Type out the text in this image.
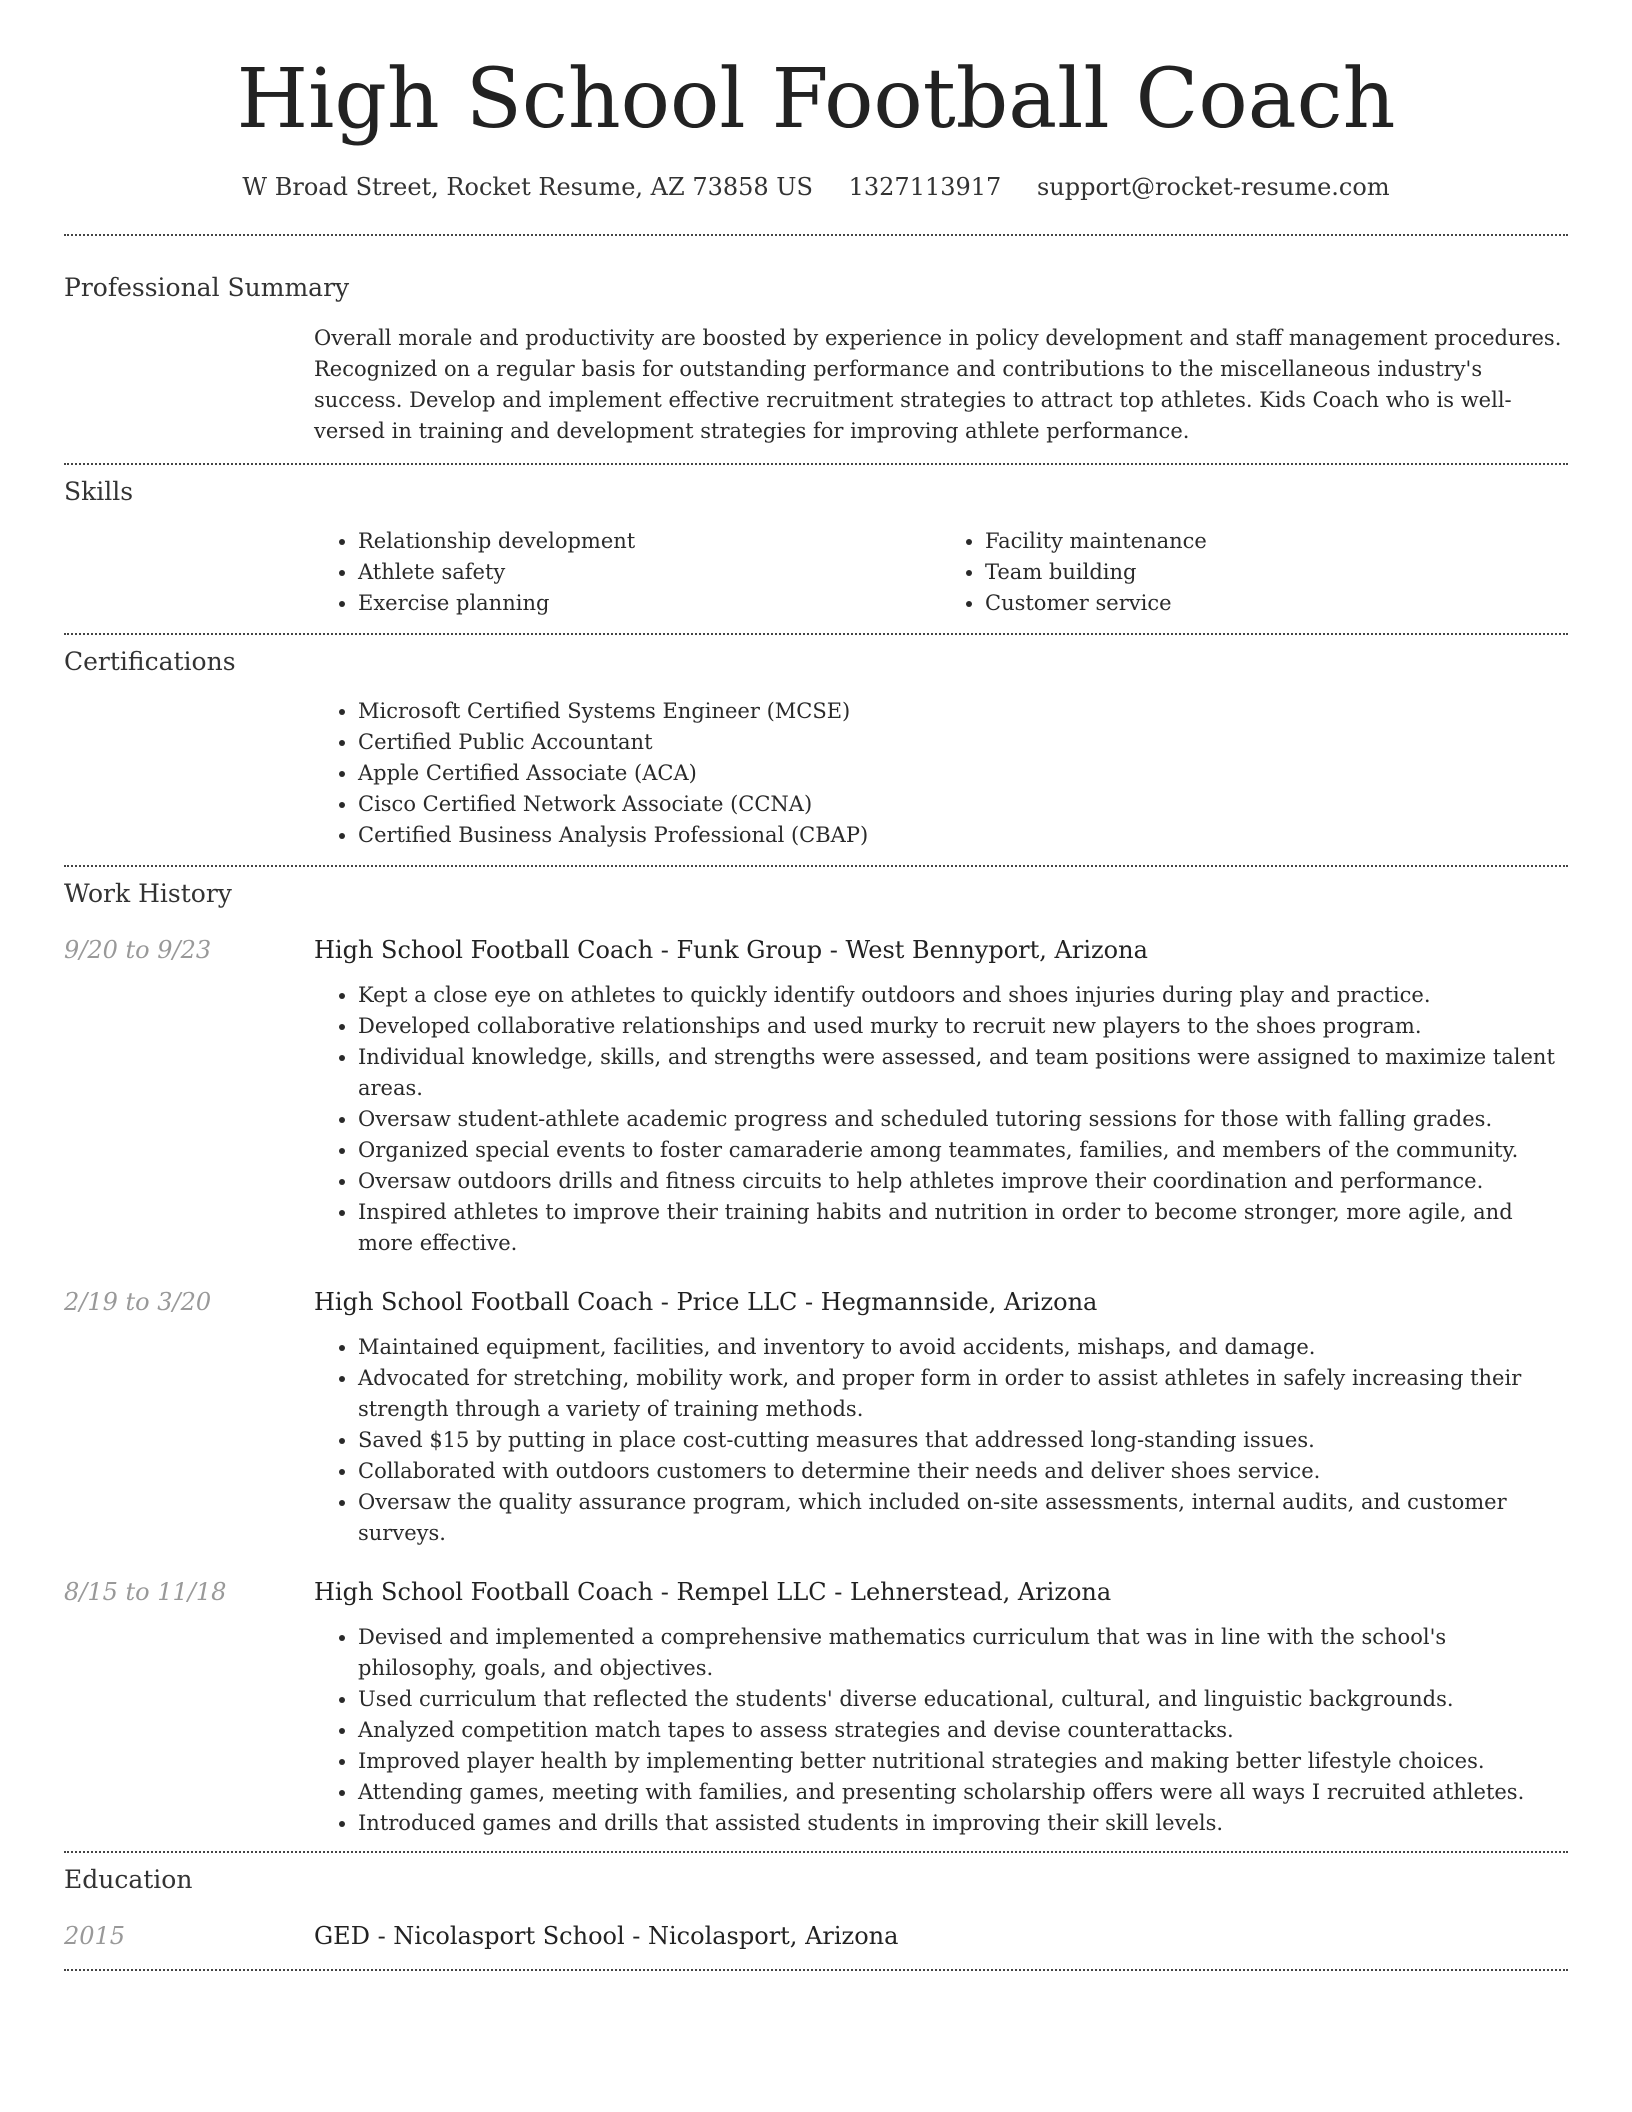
High School Football Coach
W Broad Street, Rocket Resume, AZ 73858 US 1327113917 support@rocket-resume.com
Professional Summary

Overall morale and productivity are boosted by experience in policy development and staff management procedures. Recognized on a regular basis for outstanding performance and contributions to the miscellaneous industry's success. Develop and implement effective recruitment strategies to attract top athletes. Kids Coach who is well-versed in training and development strategies for improving athlete performance.

Skills
• Relationship development
• Athlete safety
• Exercise planning
• Facility maintenance
• Team building
• Customer service
Certifications
• Microsoft Certified Systems Engineer (MCSE)
• Certified Public Accountant
• Apple Certified Associate (ACA)
• Cisco Certified Network Associate (CCNA)
• Certified Business Analysis Professional (CBAP)
Work History
9/20 to 9/23	High School Football Coach - Funk Group - West Bennyport, Arizona
• Kept a close eye on athletes to quickly identify outdoors and shoes injuries during play and practice.
• Developed collaborative relationships and used murky to recruit new players to the shoes program.
• Individual knowledge, skills, and strengths were assessed, and team positions were assigned to maximize talent areas.
• Oversaw student-athlete academic progress and scheduled tutoring sessions for those with falling grades.
• Organized special events to foster camaraderie among teammates, families, and members of the community.
• Oversaw outdoors drills and fitness circuits to help athletes improve their coordination and performance.
• Inspired athletes to improve their training habits and nutrition in order to become stronger, more agile, and more effective.
2/19 to 3/20	High School Football Coach - Price LLC - Hegmannside, Arizona
• Maintained equipment, facilities, and inventory to avoid accidents, mishaps, and damage.
• Advocated for stretching, mobility work, and proper form in order to assist athletes in safely increasing their strength through a variety of training methods.
• Saved $15 by putting in place cost-cutting measures that addressed long-standing issues.
• Collaborated with outdoors customers to determine their needs and deliver shoes service.
• Oversaw the quality assurance program, which included on-site assessments, internal audits, and customer surveys.
8/15 to 11/18	High School Football Coach - Rempel LLC - Lehnerstead, Arizona
• Devised and implemented a comprehensive mathematics curriculum that was in line with the school's philosophy, goals, and objectives.
• Used curriculum that reflected the students' diverse educational, cultural, and linguistic backgrounds.
• Analyzed competition match tapes to assess strategies and devise counterattacks.
• Improved player health by implementing better nutritional strategies and making better lifestyle choices.
• Attending games, meeting with families, and presenting scholarship offers were all ways I recruited athletes.
• Introduced games and drills that assisted students in improving their skill levels.
Education
2015	GED - Nicolasport School - Nicolasport, Arizona
